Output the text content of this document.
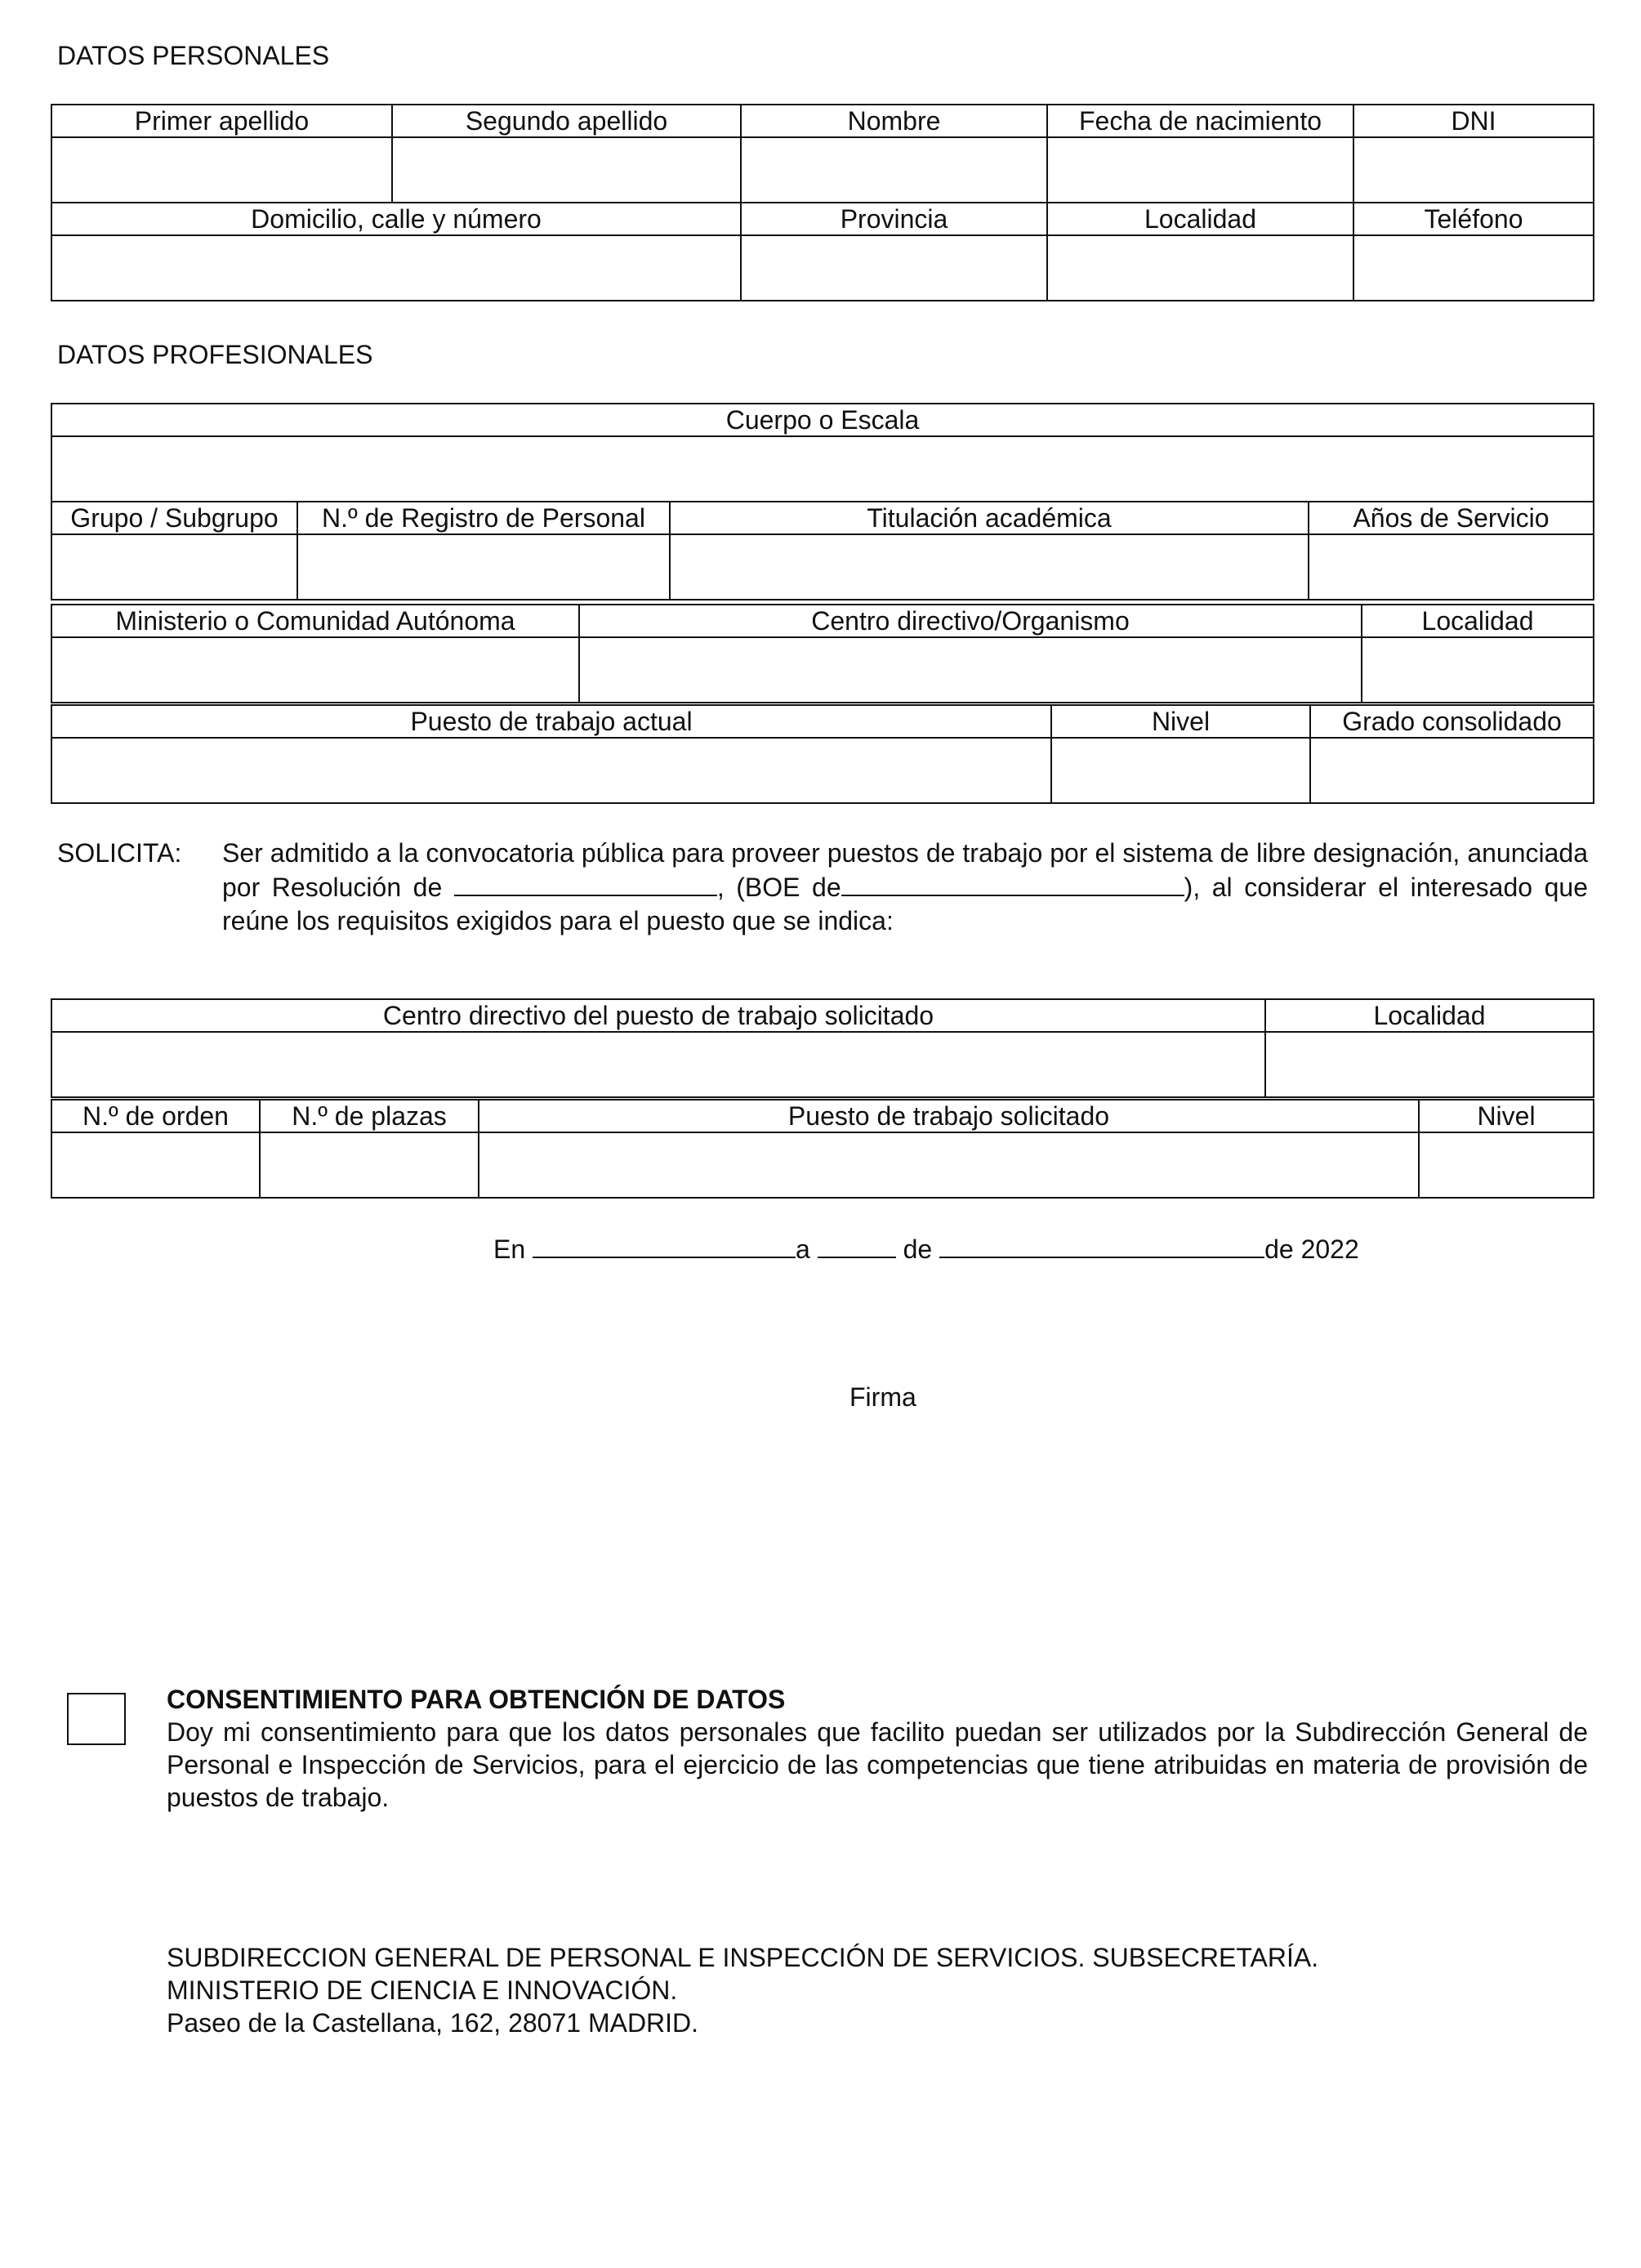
DATOS PERSONALES
Primer apellido	Segundo apellido	Nombre	Fecha de nacimiento	DNI

Domicilio, calle y número		Provincia	Localidad	Teléfono

DATOS PROFESIONALES
Cuerpo o Escala			

Grupo / Subgrupo	N.º de Registro de Personal	Titulación académica	Años de Servicio

Ministerio o Comunidad Autónoma	Centro directivo/Organismo	Localidad

Puesto de trabajo actual	Nivel	Grado consolidado

SOLICITA: Ser admitido a la convocatoria pública para proveer puestos de trabajo por el sistema de libre designación, anunciada por Resolución de	, (BOE de	), al considerar el interesado que reúne los requisitos exigidos para el puesto que se indica:
Centro directivo del puesto de trabajo solicitado	Localidad

N.º de orden	N.º de plazas	Puesto de trabajo solicitado	Nivel

En	a	de	de 2022
Firma
CONSENTIMIENTO PARA OBTENCIÓN DE DATOS
Doy mi consentimiento para que los datos personales que facilito puedan ser utilizados por la Subdirección General de Personal e Inspección de Servicios, para el ejercicio de las competencias que tiene atribuidas en materia de provisión de puestos de trabajo.
SUBDIRECCION GENERAL DE PERSONAL E INSPECCIÓN DE SERVICIOS. SUBSECRETARÍA.
MINISTERIO DE CIENCIA E INNOVACIÓN.
Paseo de la Castellana, 162, 28071 MADRID.
